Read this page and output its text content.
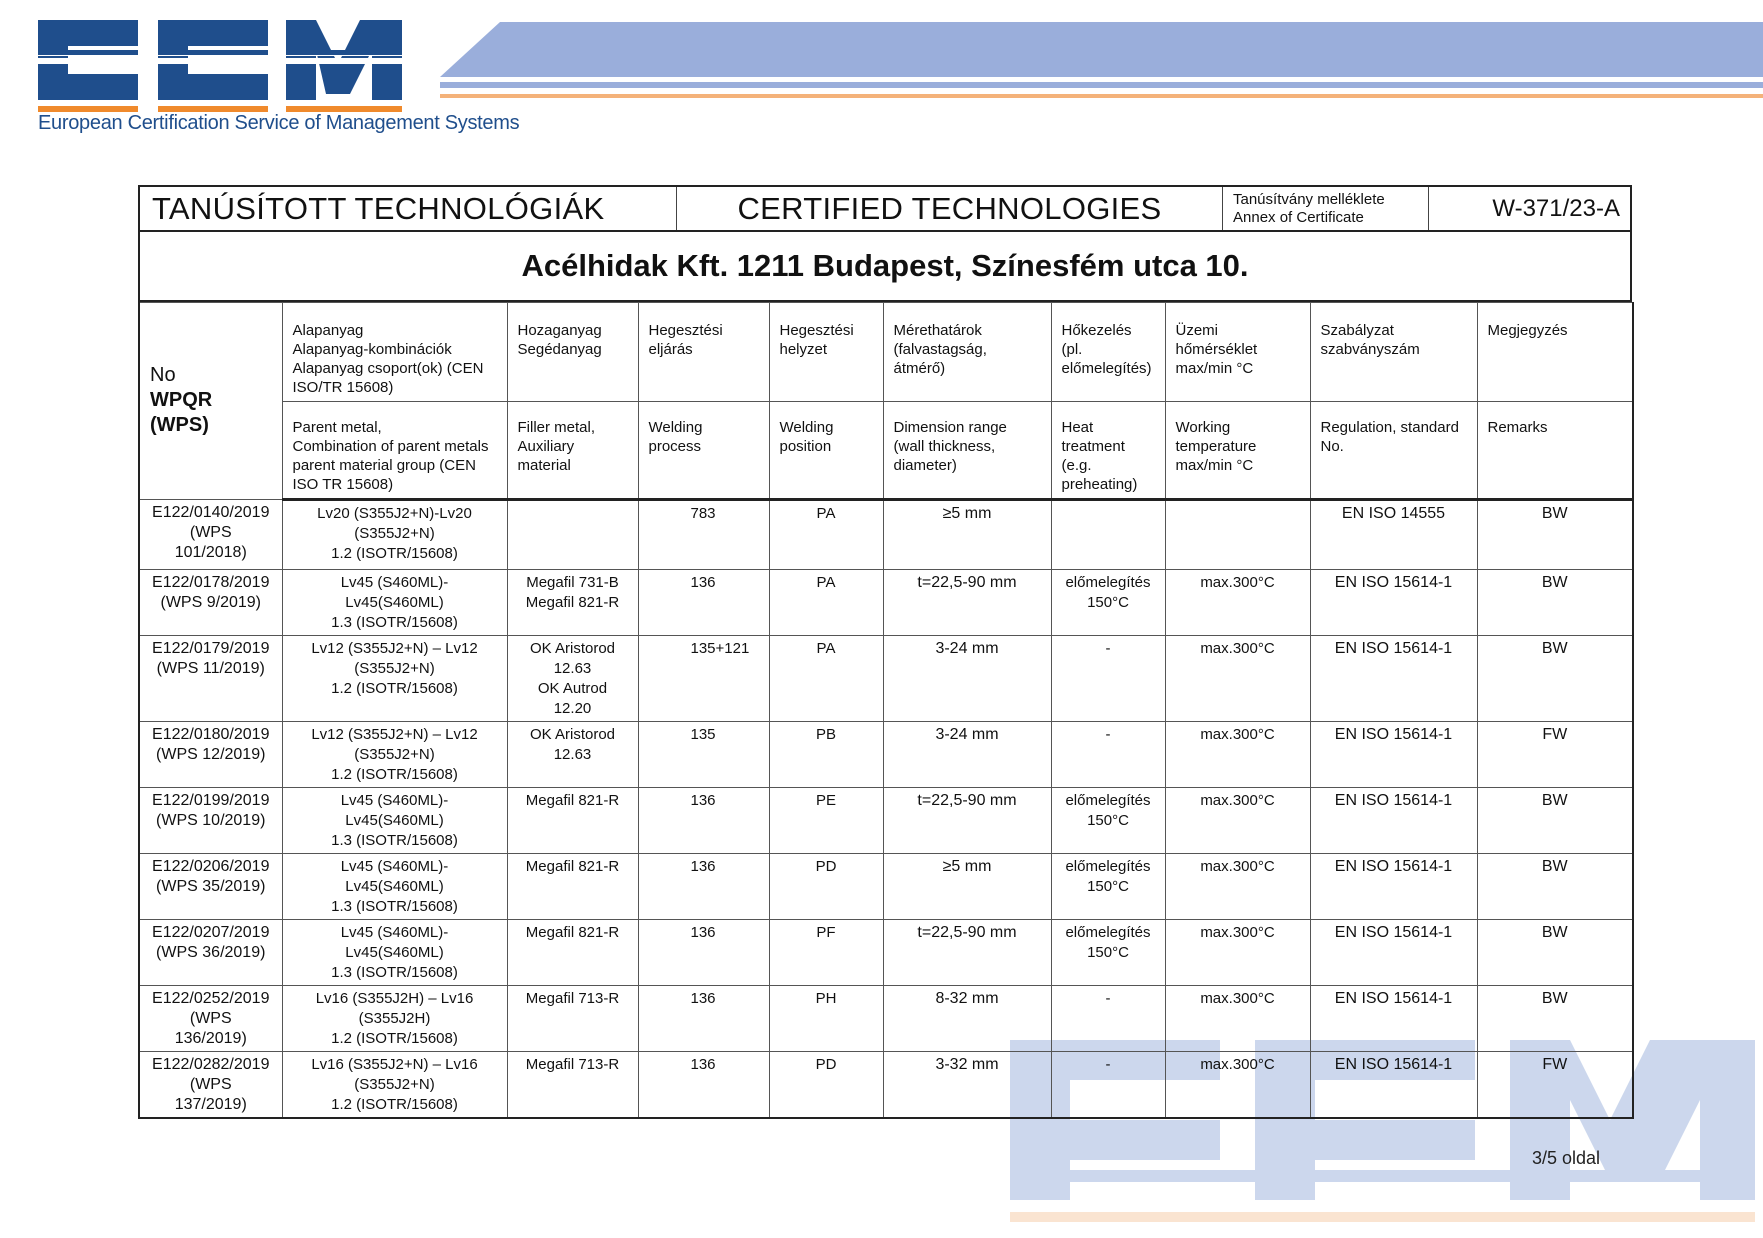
European Certification Service of Management Systems
TANÚSÍTOTT TECHNOLÓGIÁK	CERTIFIED TECHNOLOGIES	Tanúsítvány melléklete
Annex of Certificate	W-371/23-A
Acélhidak Kft. 1211 Budapest, Színesfém utca 10.
No
WPQR
(WPS)	Alapanyag
Alapanyag-kombinációk
Alapanyag csoport(ok) (CEN ISO/TR 15608)	Hozaganyag
Segédanyag	Hegesztési
eljárás	Hegesztési
helyzet	Mérethatárok
(falvastagság, átmérő)	Hőkezelés
(pl.
előmelegítés)	Üzemi
hőmérséklet
max/min °C	Szabályzat
szabványszám	Megjegyzés
	Parent metal,
Combination of parent metals
parent material group (CEN ISO TR 15608)	Filler metal,
Auxiliary
material	Welding
process	Welding
position	Dimension range
(wall thickness,
diameter)	Heat
treatment
(e.g.
preheating)	Working
temperature
max/min °C	Regulation, standard
No.	Remarks
E122/0140/2019
(WPS
101/2018)	Lv20 (S355J2+N)-Lv20
(S355J2+N)
1.2 (ISOTR/15608)		783	PA	≥5 mm			EN ISO 14555	BW
E122/0178/2019
(WPS 9/2019)	Lv45 (S460ML)-
Lv45(S460ML)
1.3 (ISOTR/15608)	Megafil 731-B
Megafil 821-R	136	PA	t=22,5-90 mm	előmelegítés
150°C	max.300°C	EN ISO 15614-1	BW
E122/0179/2019
(WPS 11/2019)	Lv12 (S355J2+N) – Lv12
(S355J2+N)
1.2 (ISOTR/15608)	OK Aristorod
12.63
OK Autrod
12.20	135+121	PA	3-24 mm	-	max.300°C	EN ISO 15614-1	BW
E122/0180/2019
(WPS 12/2019)	Lv12 (S355J2+N) – Lv12
(S355J2+N)
1.2 (ISOTR/15608)	OK Aristorod
12.63	135	PB	3-24 mm	-	max.300°C	EN ISO 15614-1	FW
E122/0199/2019
(WPS 10/2019)	Lv45 (S460ML)-
Lv45(S460ML)
1.3 (ISOTR/15608)	Megafil 821-R	136	PE	t=22,5-90 mm	előmelegítés
150°C	max.300°C	EN ISO 15614-1	BW
E122/0206/2019
(WPS 35/2019)	Lv45 (S460ML)-
Lv45(S460ML)
1.3 (ISOTR/15608)	Megafil 821-R	136	PD	≥5 mm	előmelegítés
150°C	max.300°C	EN ISO 15614-1	BW
E122/0207/2019
(WPS 36/2019)	Lv45 (S460ML)-
Lv45(S460ML)
1.3 (ISOTR/15608)	Megafil 821-R	136	PF	t=22,5-90 mm	előmelegítés
150°C	max.300°C	EN ISO 15614-1	BW
E122/0252/2019
(WPS
136/2019)	Lv16 (S355J2H) – Lv16
(S355J2H)
1.2 (ISOTR/15608)	Megafil 713-R	136	PH	8-32 mm	-	max.300°C	EN ISO 15614-1	BW
E122/0282/2019
(WPS
137/2019)	Lv16 (S355J2+N) – Lv16
(S355J2+N)
1.2 (ISOTR/15608)	Megafil 713-R	136	PD	3-32 mm	-	max.300°C	EN ISO 15614-1	FW
3/5 oldal
